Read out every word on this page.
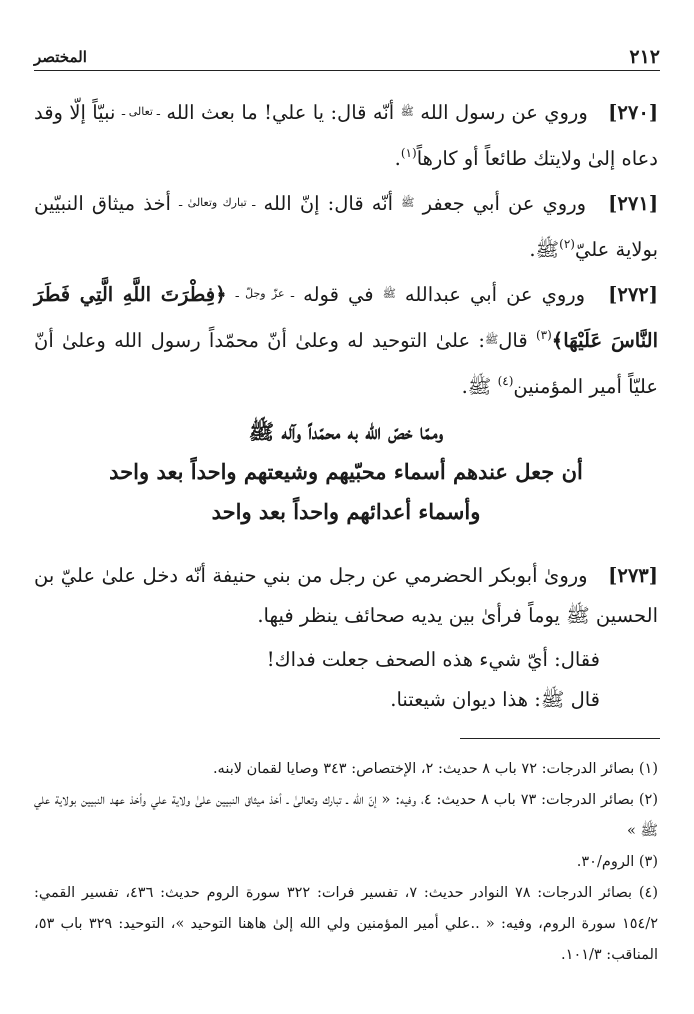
٢١٢
المختصر

[٢٧٠] وروي عن رسول الله $^ﷺ$ أنّه قال: يا علي! ما بعث الله $^{ـ تعالى ـ}$ نبيّاً إلّا وقد دعاه إلىٰ ولايتك طائعاً أو كارهاً$^{(١)}$.

[٢٧١] وروي عن أبي جعفر $^ﷺ$ أنّه قال: إنّ الله $^{ـ تبارك وتعالىٰ ـ}$ أخذ ميثاق النبيّين بولاية عليّ$^{(٢)}$ﷺ.

[٢٧٢] وروي عن أبي عبدالله $^ﷺ$ في قوله $^{ـ عزّ وجلّ ـ}$ ﴿فِطْرَتَ اللَّهِ الَّتِي فَطَرَ النَّاسَ عَلَيْهَا﴾$^{(٣)}$ قال$^ﷺ$: علىٰ التوحيد له وعلىٰ أنّ محمّداً رسول الله وعلىٰ أنّ عليّاً أمير المؤمنين$^{(٤)}$ ﷺ.

وممّا خصّ الله به محمّداً وآله ﷺ
أن جعل عندهم أسماء محبّيهم وشيعتهم واحداً بعد واحد
وأسماء أعدائهم واحداً بعد واحد

[٢٧٣] وروىٰ أبوبكر الحضرمي عن رجل من بني حنيفة أنّه دخل علىٰ عليّ بن الحسين ﷺ يوماً فرأىٰ بين يديه صحائف ينظر فيها.

فقال: أيّ شيء هذه الصحف جعلت فداك!
قال ﷺ: هذا ديوان شيعتنا.

(١) بصائر الدرجات: ٧٢ باب ٨ حديث: ٢، الإختصاص: ٣٤٣ وصايا لقمان لابنه.

(٢) بصائر الدرجات: ٧٣ باب ٨ حديث: ٤، وفيه: « إنّ الله ـ تبارك وتعالىٰ ـ أخذ ميثاق النبيين علىٰ ولاية علي وأخذ عهد النبيين بولاية علي ﷺ »

(٣) الروم/٣٠.

(٤) بصائر الدرجات: ٧٨ النوادر حديث: ٧، تفسير فرات: ٣٢٢ سورة الروم حديث: ٤٣٦، تفسير القمي: ١٥٤/٢ سورة الروم، وفيه: « ..علي أمير المؤمنين ولي الله إلىٰ هاهنا التوحيد »، التوحيد: ٣٢٩ باب ٥٣، المناقب: ١٠١/٣.
